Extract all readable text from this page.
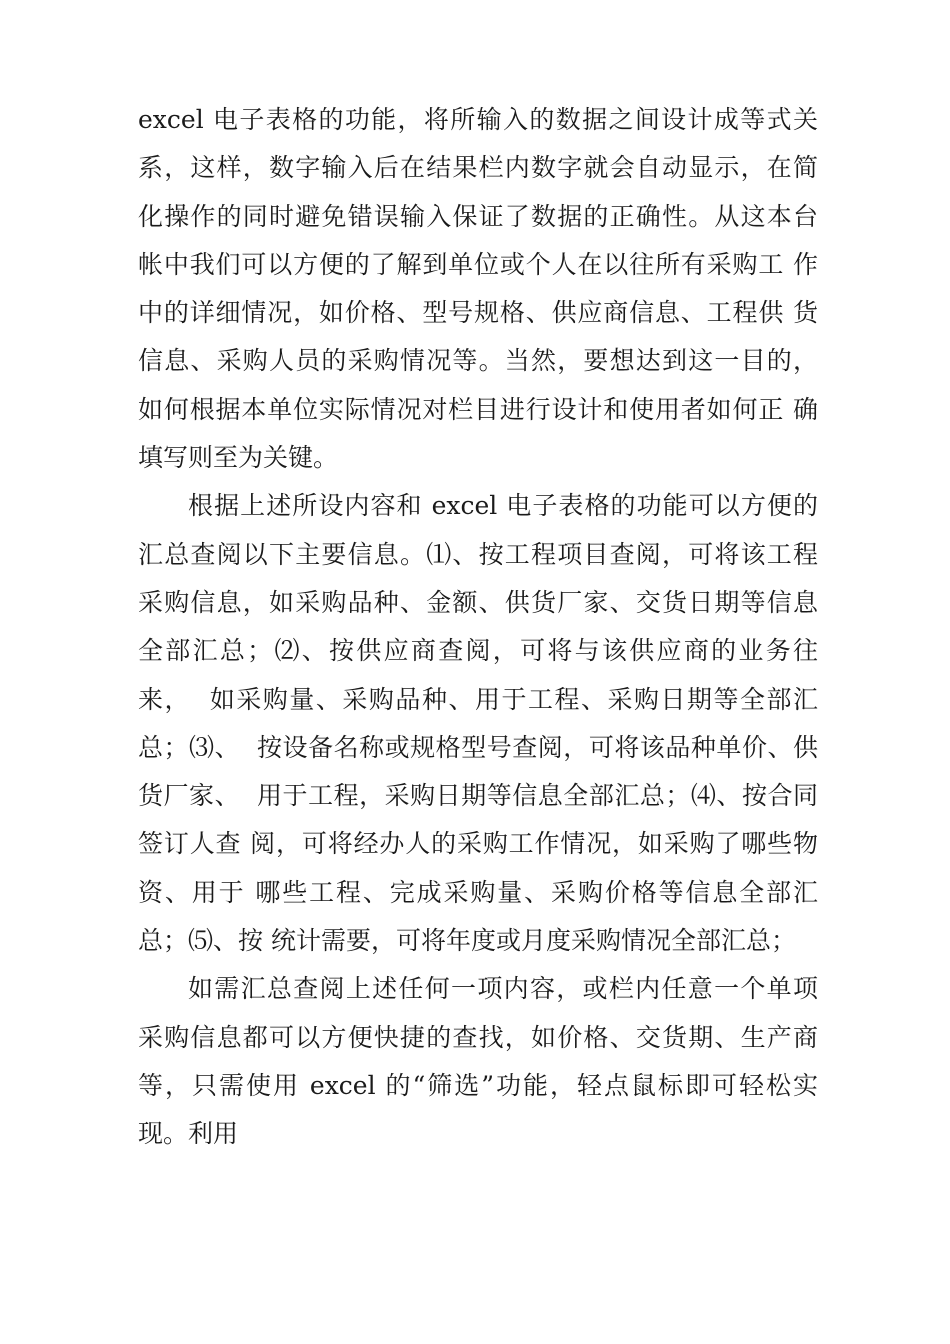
excel 电子表格的功能，将所输入的数据之间设计成等式关
系，这样，数字输入后在结果栏内数字就会自动显示，在简
化操作的同时避免错误输入保证了数据的正确性。从这本台
帐中我们可以方便的了解到单位或个人在以往所有采购工 作
中的详细情况，如价格、型号规格、供应商信息、工程供 货
信息、采购人员的采购情况等。当然，要想达到这一目的，
如何根据本单位实际情况对栏目进行设计和使用者如何正 确
填写则至为关键。
根据上述所设内容和 excel 电子表格的功能可以方便的
汇总查阅以下主要信息。⑴、按工程项目查阅，可将该工程
采购信息，如采购品种、金额、供货厂家、交货日期等信息
全部汇总；⑵、按供应商查阅，可将与该供应商的业务往
来，  如采购量、采购品种、用于工程、采购日期等全部汇
总；⑶、  按设备名称或规格型号查阅，可将该品种单价、供
货厂家、  用于工程，采购日期等信息全部汇总；⑷、按合同
签订人查 阅，可将经办人的采购工作情况，如采购了哪些物
资、用于 哪些工程、完成采购量、采购价格等信息全部汇
总；⑸、按 统计需要，可将年度或月度采购情况全部汇总；
如需汇总查阅上述任何一项内容，或栏内任意一个单项
采购信息都可以方便快捷的查找，如价格、交货期、生产商
等，只需使用 excel 的“筛选”功能，轻点鼠标即可轻松实
现。利用
